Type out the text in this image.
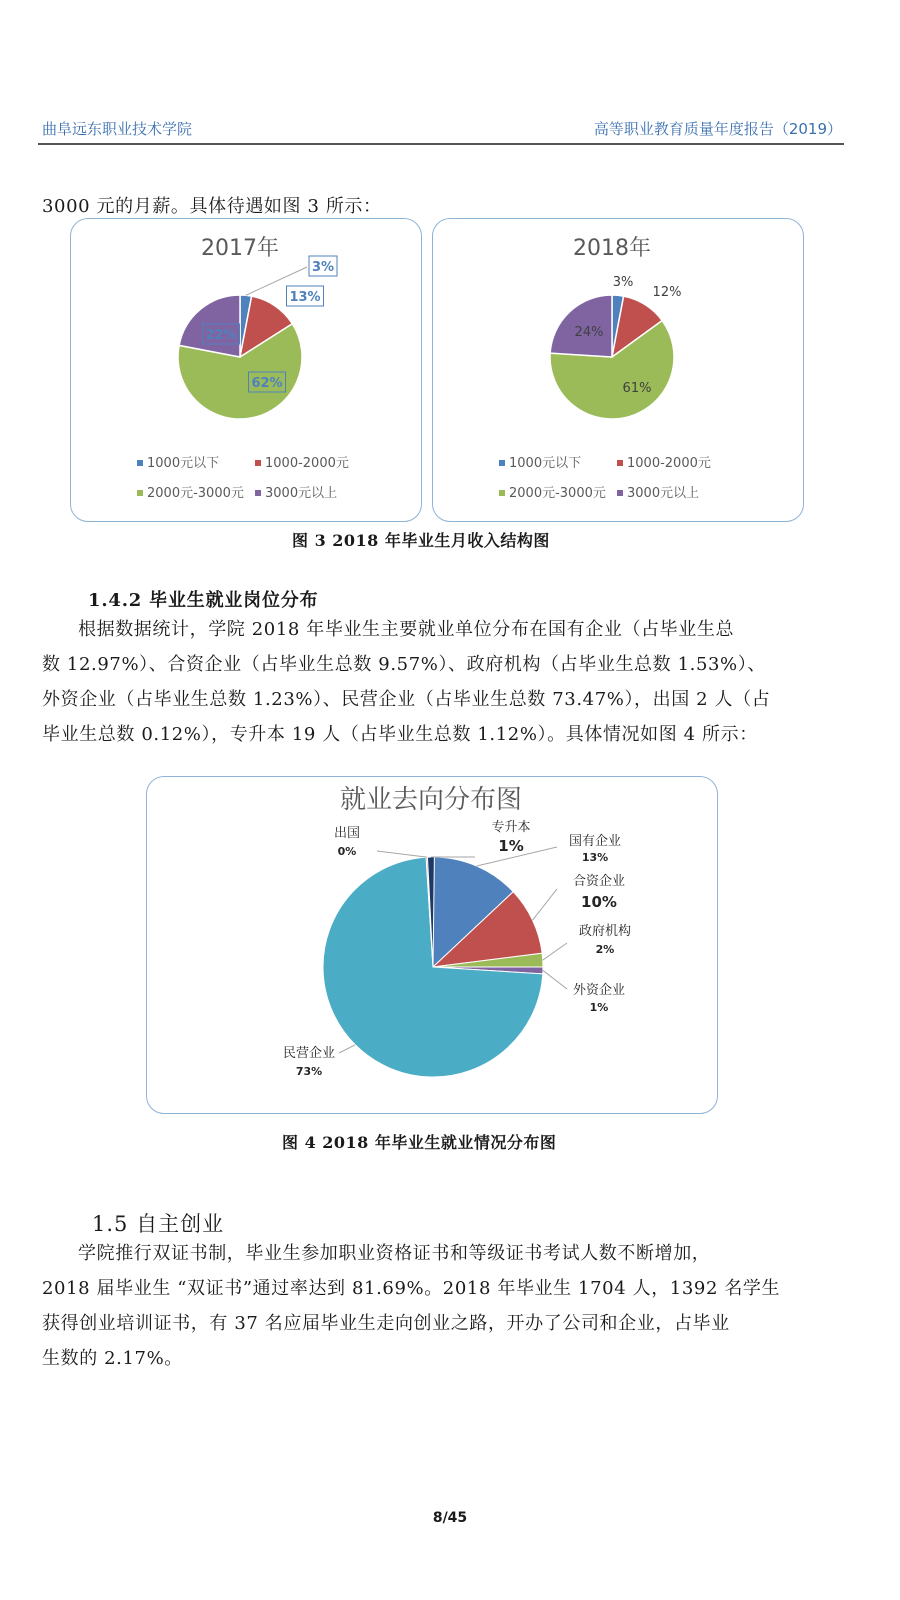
曲阜远东职业技术学院	高等职业教育质量年度报告（2019）
3000 元的月薪。具体待遇如图 3 所示：
2017年
3%
13%
62%
22%
1000元以下	1000-2000元
2000元-3000元 3000元以上
2018年
3%
12%
61%
24%
1000元以下	1000-2000元
2000元-3000元 3000元以上
图 3 2018 年毕业生月收入结构图
1.4.2 毕业生就业岗位分布
根据数据统计，学院 2018 年毕业生主要就业单位分布在国有企业（占毕业生总
数 12.97%）、合资企业（占毕业生总数 9.57%）、政府机构（占毕业生总数 1.53%）、
外资企业（占毕业生总数 1.23%）、民营企业（占毕业生总数 73.47%），出国 2 人（占
毕业生总数 0.12%），专升本 19 人（占毕业生总数 1.12%）。具体情况如图 4 所示：
就业去向分布图
国有企业
13%
合资企业
10%
政府机构
2%
外资企业
1%
民营企业
73%
出国
0%
专升本
1%
图 4 2018 年毕业生就业情况分布图
1.5 自主创业
学院推行双证书制，毕业生参加职业资格证书和等级证书考试人数不断增加，
2018 届毕业生 “双证书”通过率达到 81.69%。2018 年毕业生 1704 人，1392 名学生
获得创业培训证书，有 37 名应届毕业生走向创业之路，开办了公司和企业，占毕业
生数的 2.17%。
8/45
